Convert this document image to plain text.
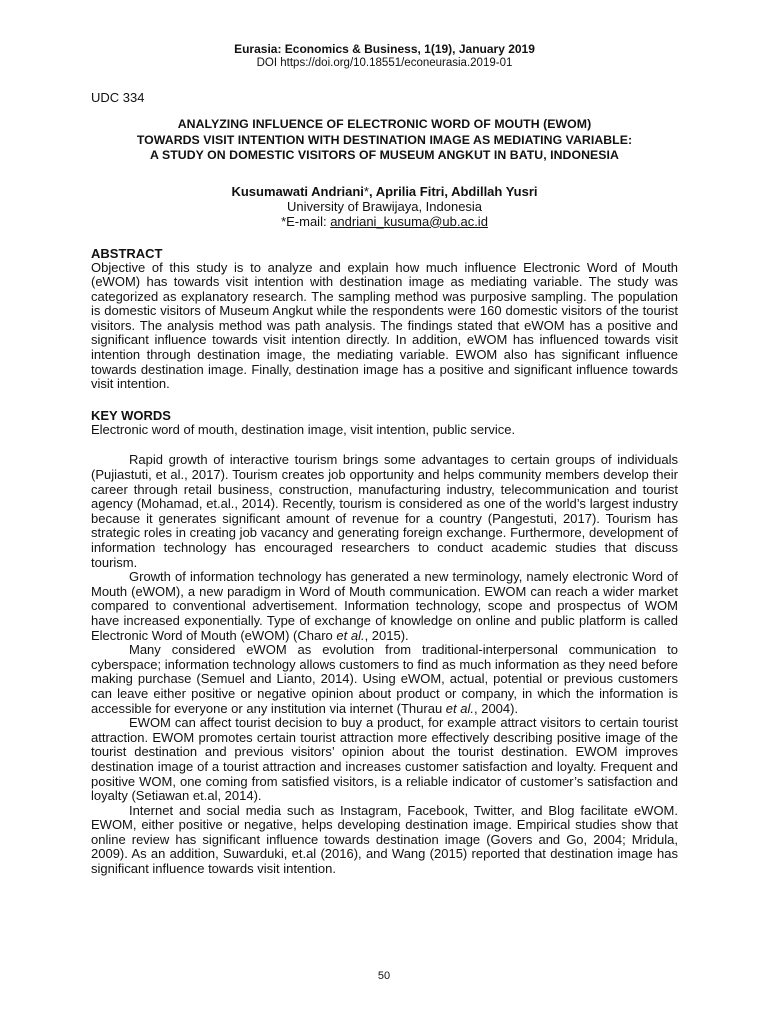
Eurasia: Economics & Business, 1(19), January 2019
DOI https://doi.org/10.18551/econeurasia.2019-01
UDC 334
ANALYZING INFLUENCE OF ELECTRONIC WORD OF MOUTH (EWOM)
TOWARDS VISIT INTENTION WITH DESTINATION IMAGE AS MEDIATING VARIABLE:
A STUDY ON DOMESTIC VISITORS OF MUSEUM ANGKUT IN BATU, INDONESIA
Kusumawati Andriani*, Aprilia Fitri, Abdillah Yusri
University of Brawijaya, Indonesia
*E-mail: andriani_kusuma@ub.ac.id
ABSTRACT

Objective of this study is to analyze and explain how much influence Electronic Word of Mouth (eWOM) has towards visit intention with destination image as mediating variable. The study was categorized as explanatory research. The sampling method was purposive sampling. The population is domestic visitors of Museum Angkut while the respondents were 160 domestic visitors of the tourist visitors. The analysis method was path analysis. The findings stated that eWOM has a positive and significant influence towards visit intention directly. In addition, eWOM has influenced towards visit intention through destination image, the mediating variable. EWOM also has significant influence towards destination image. Finally, destination image has a positive and significant influence towards visit intention.

KEY WORDS

Electronic word of mouth, destination image, visit intention, public service.

Rapid growth of interactive tourism brings some advantages to certain groups of individuals (Pujiastuti, et al., 2017). Tourism creates job opportunity and helps community members develop their career through retail business, construction, manufacturing industry, telecommunication and tourist agency (Mohamad, et.al., 2014). Recently, tourism is considered as one of the world’s largest industry because it generates significant amount of revenue for a country (Pangestuti, 2017). Tourism has strategic roles in creating job vacancy and generating foreign exchange. Furthermore, development of information technology has encouraged researchers to conduct academic studies that discuss tourism.

Growth of information technology has generated a new terminology, namely electronic Word of Mouth (eWOM), a new paradigm in Word of Mouth communication. EWOM can reach a wider market compared to conventional advertisement. Information technology, scope and prospectus of WOM have increased exponentially. Type of exchange of knowledge on online and public platform is called Electronic Word of Mouth (eWOM) (Charo et al., 2015).

Many considered eWOM as evolution from traditional-interpersonal communication to cyberspace; information technology allows customers to find as much information as they need before making purchase (Semuel and Lianto, 2014). Using eWOM, actual, potential or previous customers can leave either positive or negative opinion about product or company, in which the information is accessible for everyone or any institution via internet (Thurau et al., 2004).

EWOM can affect tourist decision to buy a product, for example attract visitors to certain tourist attraction. EWOM promotes certain tourist attraction more effectively describing positive image of the tourist destination and previous visitors’ opinion about the tourist destination. EWOM improves destination image of a tourist attraction and increases customer satisfaction and loyalty. Frequent and positive WOM, one coming from satisfied visitors, is a reliable indicator of customer’s satisfaction and loyalty (Setiawan et.al, 2014).

Internet and social media such as Instagram, Facebook, Twitter, and Blog facilitate eWOM. EWOM, either positive or negative, helps developing destination image. Empirical studies show that online review has significant influence towards destination image (Govers and Go, 2004; Mridula, 2009). As an addition, Suwarduki, et.al (2016), and Wang (2015) reported that destination image has significant influence towards visit intention.

50
